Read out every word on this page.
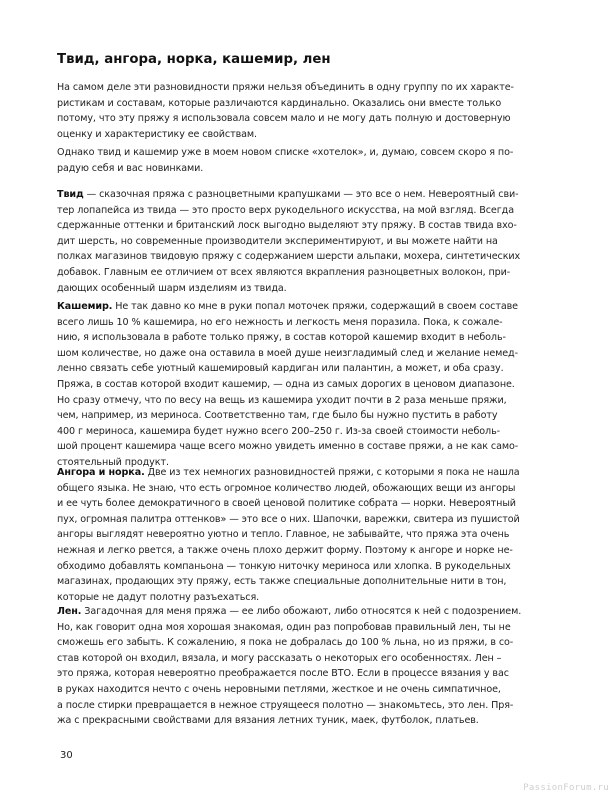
Твид, ангора, норка, кашемир, лен

На самом деле эти разновидности пряжи нельзя объединить в одну группу по их характе-
ристикам и составам, которые различаются кардинально. Оказались они вместе только
потому, что эту пряжу я использовала совсем мало и не могу дать полную и достоверную
оценку и характеристику ее свойствам.

Однако твид и кашемир уже в моем новом списке «хотелок», и, думаю, совсем скоро я по-
радую себя и вас новинками.

Твид — сказочная пряжа с разноцветными крапушками — это все о нем. Невероятный сви-
тер лопапейса из твида — это просто верх рукодельного искусства, на мой взгляд. Всегда
сдержанные оттенки и британский лоск выгодно выделяют эту пряжу. В состав твида вхо-
дит шерсть, но современные производители экспериментируют, и вы можете найти на
полках магазинов твидовую пряжу с содержанием шерсти альпаки, мохера, синтетических
добавок. Главным ее отличием от всех являются вкрапления разноцветных волокон, при-
дающих особенный шарм изделиям из твида.

Кашемир. Не так давно ко мне в руки попал моточек пряжи, содержащий в своем составе
всего лишь 10 % кашемира, но его нежность и легкость меня поразила. Пока, к сожале-
нию, я использовала в работе только пряжу, в состав которой кашемир входит в неболь-
шом количестве, но даже она оставила в моей душе неизгладимый след и желание немед-
ленно связать себе уютный кашемировый кардиган или палантин, а может, и оба сразу.
Пряжа, в состав которой входит кашемир, — одна из самых дорогих в ценовом диапазоне.
Но сразу отмечу, что по весу на вещь из кашемира уходит почти в 2 раза меньше пряжи,
чем, например, из мериноса. Соответственно там, где было бы нужно пустить в работу
400 г мериноса, кашемира будет нужно всего 200–250 г. Из-за своей стоимости неболь-
шой процент кашемира чаще всего можно увидеть именно в составе пряжи, а не как само-
стоятельный продукт.

Ангора и норка. Две из тех немногих разновидностей пряжи, с которыми я пока не нашла
общего языка. Не знаю, что есть огромное количество людей, обожающих вещи из ангоры
и ее чуть более демократичного в своей ценовой политике собрата — норки. Невероятный
пух, огромная палитра оттенков» — это все о них. Шапочки, варежки, свитера из пушистой
ангоры выглядят невероятно уютно и тепло. Главное, не забывайте, что пряжа эта очень
нежная и легко рвется, а также очень плохо держит форму. Поэтому к ангоре и норке не-
обходимо добавлять компаньона — тонкую ниточку мериноса или хлопка. В рукодельных
магазинах, продающих эту пряжу, есть также специальные дополнительные нити в тон,
которые не дадут полотну разъехаться.

Лен. Загадочная для меня пряжа — ее либо обожают, либо относятся к ней с подозрением.
Но, как говорит одна моя хорошая знакомая, один раз попробовав правильный лен, ты не
сможешь его забыть. К сожалению, я пока не добралась до 100 % льна, но из пряжи, в со-
став которой он входил, вязала, и могу рассказать о некоторых его особенностях. Лен –
это пряжа, которая невероятно преображается после ВТО. Если в процессе вязания у вас
в руках находится нечто с очень неровными петлями, жесткое и не очень симпатичное,
а после стирки превращается в нежное струящееся полотно — знакомьтесь, это лен. Пря-
жа с прекрасными свойствами для вязания летних туник, маек, футболок, платьев.

30

PassionForum.ru
